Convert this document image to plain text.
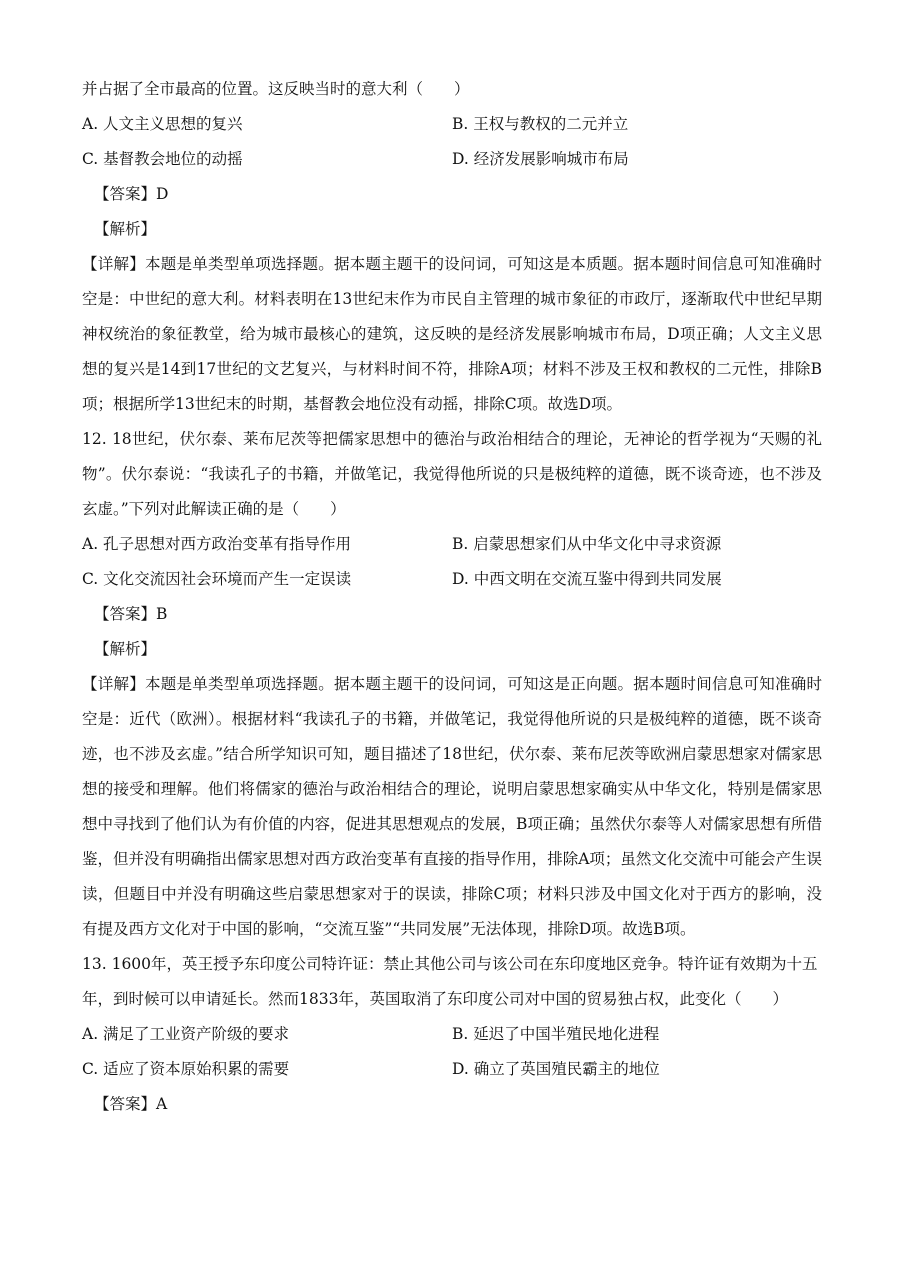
并占据了全市最高的位置。这反映当时的意大利（　　）
A. 人文主义思想的复兴	B. 王权与教权的二元并立
C. 基督教会地位的动摇	D. 经济发展影响城市布局
【答案】D
【解析】
【详解】本题是单类型单项选择题。据本题主题干的设问词，可知这是本质题。据本题时间信息可知准确时空是：中世纪的意大利。材料表明在13世纪末作为市民自主管理的城市象征的市政厅，逐渐取代中世纪早期神权统治的象征教堂，给为城市最核心的建筑，这反映的是经济发展影响城市布局，D项正确；人文主义思想的复兴是14到17世纪的文艺复兴，与材料时间不符，排除A项；材料不涉及王权和教权的二元性，排除B项；根据所学13世纪末的时期，基督教会地位没有动摇，排除C项。故选D项。
12. 18世纪，伏尔泰、莱布尼茨等把儒家思想中的德治与政治相结合的理论，无神论的哲学视为“天赐的礼物”。伏尔泰说：“我读孔子的书籍，并做笔记，我觉得他所说的只是极纯粹的道德，既不谈奇迹，也不涉及玄虚。”下列对此解读正确的是（　　）
A. 孔子思想对西方政治变革有指导作用	B. 启蒙思想家们从中华文化中寻求资源
C. 文化交流因社会环境而产生一定误读	D. 中西文明在交流互鉴中得到共同发展
【答案】B
【解析】
【详解】本题是单类型单项选择题。据本题主题干的设问词，可知这是正向题。据本题时间信息可知准确时空是：近代（欧洲）。根据材料“我读孔子的书籍，并做笔记，我觉得他所说的只是极纯粹的道德，既不谈奇迹，也不涉及玄虚。”结合所学知识可知，题目描述了18世纪，伏尔泰、莱布尼茨等欧洲启蒙思想家对儒家思想的接受和理解。他们将儒家的德治与政治相结合的理论，说明启蒙思想家确实从中华文化，特别是儒家思想中寻找到了他们认为有价值的内容，促进其思想观点的发展，B项正确；虽然伏尔泰等人对儒家思想有所借鉴，但并没有明确指出儒家思想对西方政治变革有直接的指导作用，排除A项；虽然文化交流中可能会产生误读，但题目中并没有明确这些启蒙思想家对于的误读，排除C项；材料只涉及中国文化对于西方的影响，没有提及西方文化对于中国的影响，“交流互鉴”“共同发展”无法体现，排除D项。故选B项。
13. 1600年，英王授予东印度公司特许证：禁止其他公司与该公司在东印度地区竞争。特许证有效期为十五
年，到时候可以申请延长。然而1833年，英国取消了东印度公司对中国的贸易独占权，此变化（　　）
A. 满足了工业资产阶级的要求	B. 延迟了中国半殖民地化进程
C. 适应了资本原始积累的需要	D. 确立了英国殖民霸主的地位
【答案】A
